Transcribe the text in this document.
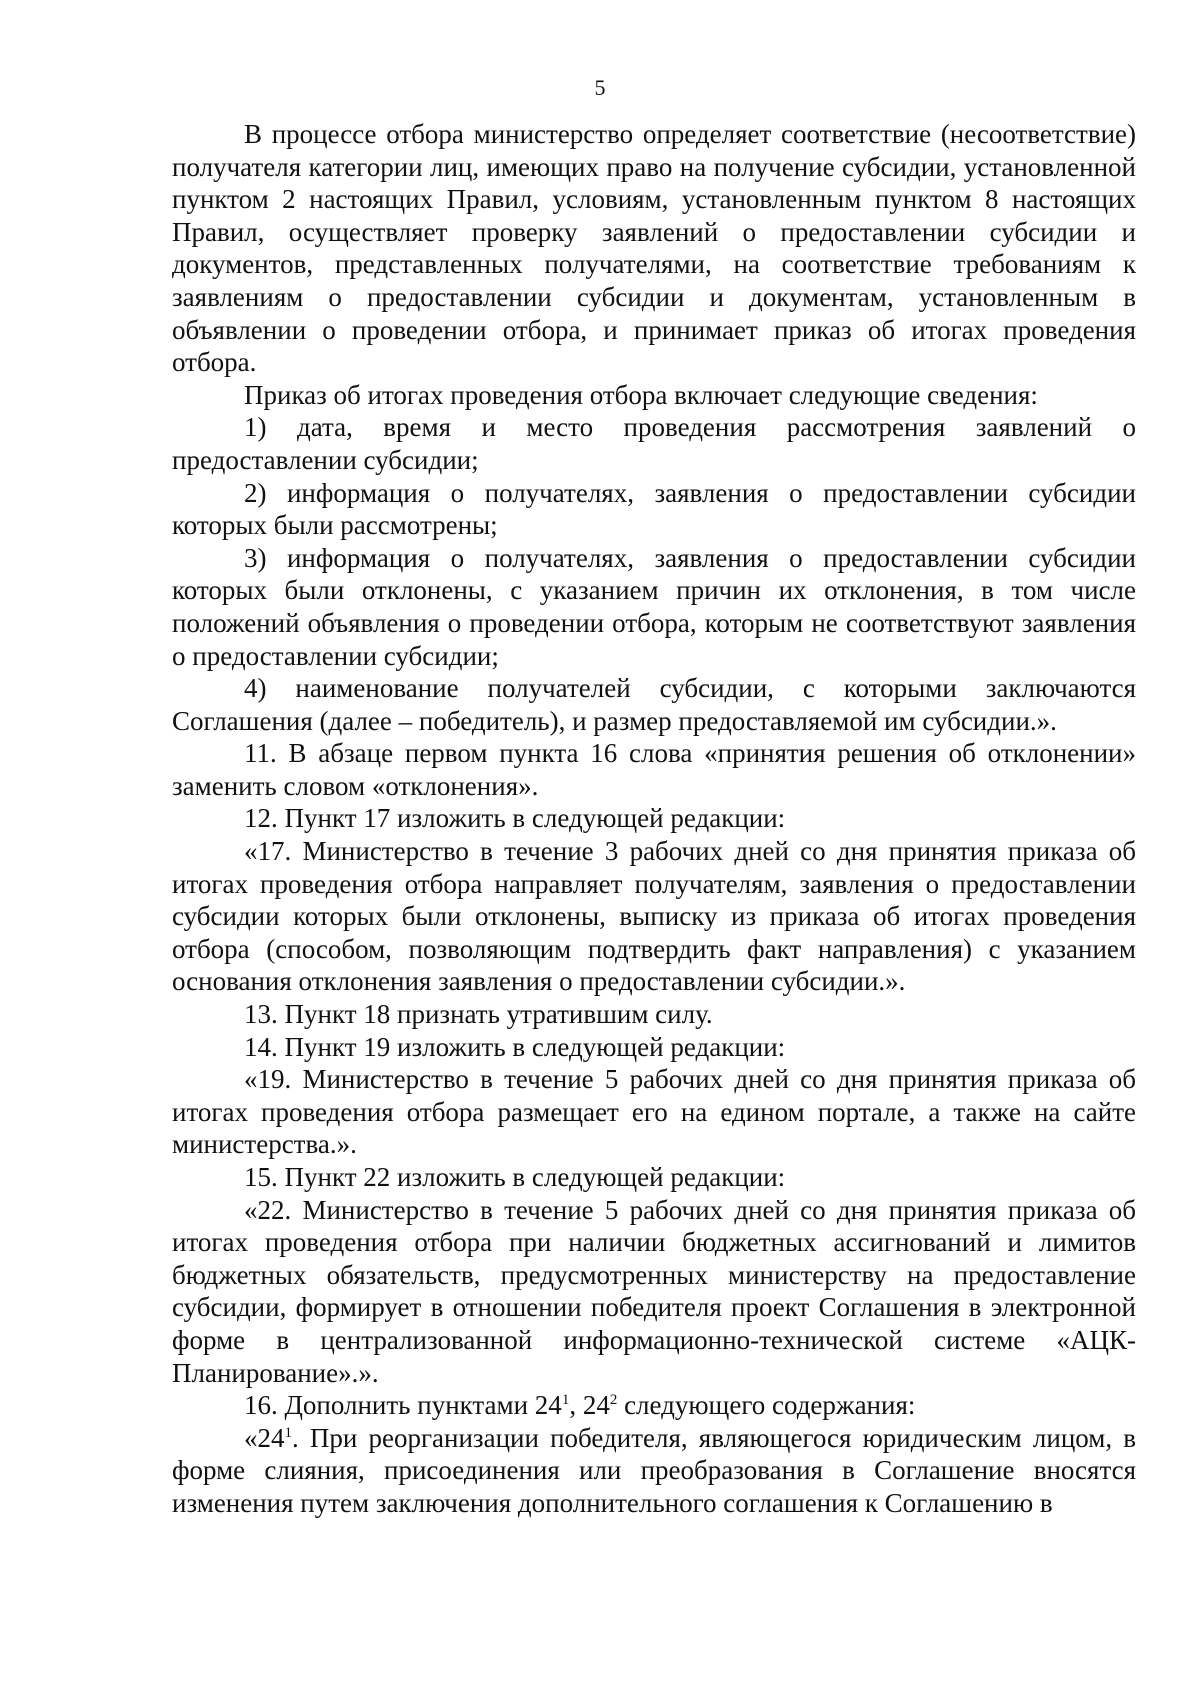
5

В процессе отбора министерство определяет соответствие (несоответствие) получателя категории лиц, имеющих право на получение субсидии, установленной пунктом 2 настоящих Правил, условиям, установленным пунктом 8 настоящих Правил, осуществляет проверку заявлений о предоставлении субсидии и документов, представленных получателями, на соответствие требованиям к заявлениям о предоставлении субсидии и документам, установленным в объявлении о проведении отбора, и принимает приказ об итогах проведения отбора.

Приказ об итогах проведения отбора включает следующие сведения:

1) дата, время и место проведения рассмотрения заявлений о предоставлении субсидии;

2) информация о получателях, заявления о предоставлении субсидии которых были рассмотрены;

3) информация о получателях, заявления о предоставлении субсидии которых были отклонены, с указанием причин их отклонения, в том числе положений объявления о проведении отбора, которым не соответствуют заявления о предоставлении субсидии;

4) наименование получателей субсидии, с которыми заключаются Соглашения (далее – победитель), и размер предоставляемой им субсидии.».

11. В абзаце первом пункта 16 слова «принятия решения об отклонении» заменить словом «отклонения».

12. Пункт 17 изложить в следующей редакции:

«17. Министерство в течение 3 рабочих дней со дня принятия приказа об итогах проведения отбора направляет получателям, заявления о предоставлении субсидии которых были отклонены, выписку из приказа об итогах проведения отбора (способом, позволяющим подтвердить факт направления) с указанием основания отклонения заявления о предоставлении субсидии.».

13. Пункт 18 признать утратившим силу.

14. Пункт 19 изложить в следующей редакции:

«19. Министерство в течение 5 рабочих дней со дня принятия приказа об итогах проведения отбора размещает его на едином портале, а также на сайте министерства.».

15. Пункт 22 изложить в следующей редакции:

«22. Министерство в течение 5 рабочих дней со дня принятия приказа об итогах проведения отбора при наличии бюджетных ассигнований и лимитов бюджетных обязательств, предусмотренных министерству на предоставление субсидии, формирует в отношении победителя проект Соглашения в электронной форме в централизованной информационно-технической системе «АЦК-Планирование».».

16. Дополнить пунктами $24^1$, $24^2$ следующего содержания:

«$24^1$. При реорганизации победителя, являющегося юридическим лицом, в форме слияния, присоединения или преобразования в Соглашение вносятся изменения путем заключения дополнительного соглашения к Соглашению в
